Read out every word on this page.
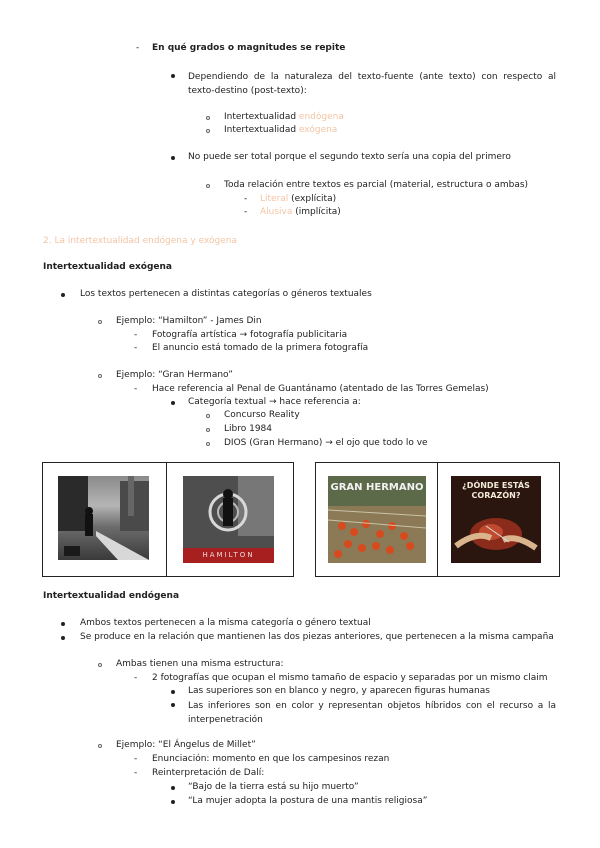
- En qué grados o magnitudes se repite
Dependiendo de la naturaleza del texto-fuente (ante texto) con respecto al texto-destino (post-texto):
Intertextualidad endógena
Intertextualidad exógena
No puede ser total porque el segundo texto sería una copia del primero
Toda relación entre textos es parcial (material, estructura o ambas)
- Literal (explícita)
- Alusiva (implícita)
2. La intertextualidad endógena y exógena
Intertextualidad exógena
Los textos pertenecen a distintas categorías o géneros textuales
Ejemplo: “Hamilton” - James Din
- Fotografía artística → fotografía publicitaria
- El anuncio está tomado de la primera fotografía
Ejemplo: “Gran Hermano”
- Hace referencia al Penal de Guantánamo (atentado de las Torres Gemelas)
Categoría textual → hace referencia a:
Concurso Reality
Libro 1984
DIOS (Gran Hermano) → el ojo que todo lo ve
HAMILTON
GRAN HERMANO	¿DÓNDE ESTÁS CORAZÓN?
Intertextualidad endógena
Ambos textos pertenecen a la misma categoría o género textual
Se produce en la relación que mantienen las dos piezas anteriores, que pertenecen a la misma campaña
Ambas tienen una misma estructura:
- 2 fotografías que ocupan el mismo tamaño de espacio y separadas por un mismo claim
Las superiores son en blanco y negro, y aparecen figuras humanas
Las inferiores son en color y representan objetos híbridos con el recurso a la interpenetración
Ejemplo: “El Ángelus de Millet”
- Enunciación: momento en que los campesinos rezan
- Reinterpretación de Dalí:
“Bajo de la tierra está su hijo muerto”
“La mujer adopta la postura de una mantis religiosa”
